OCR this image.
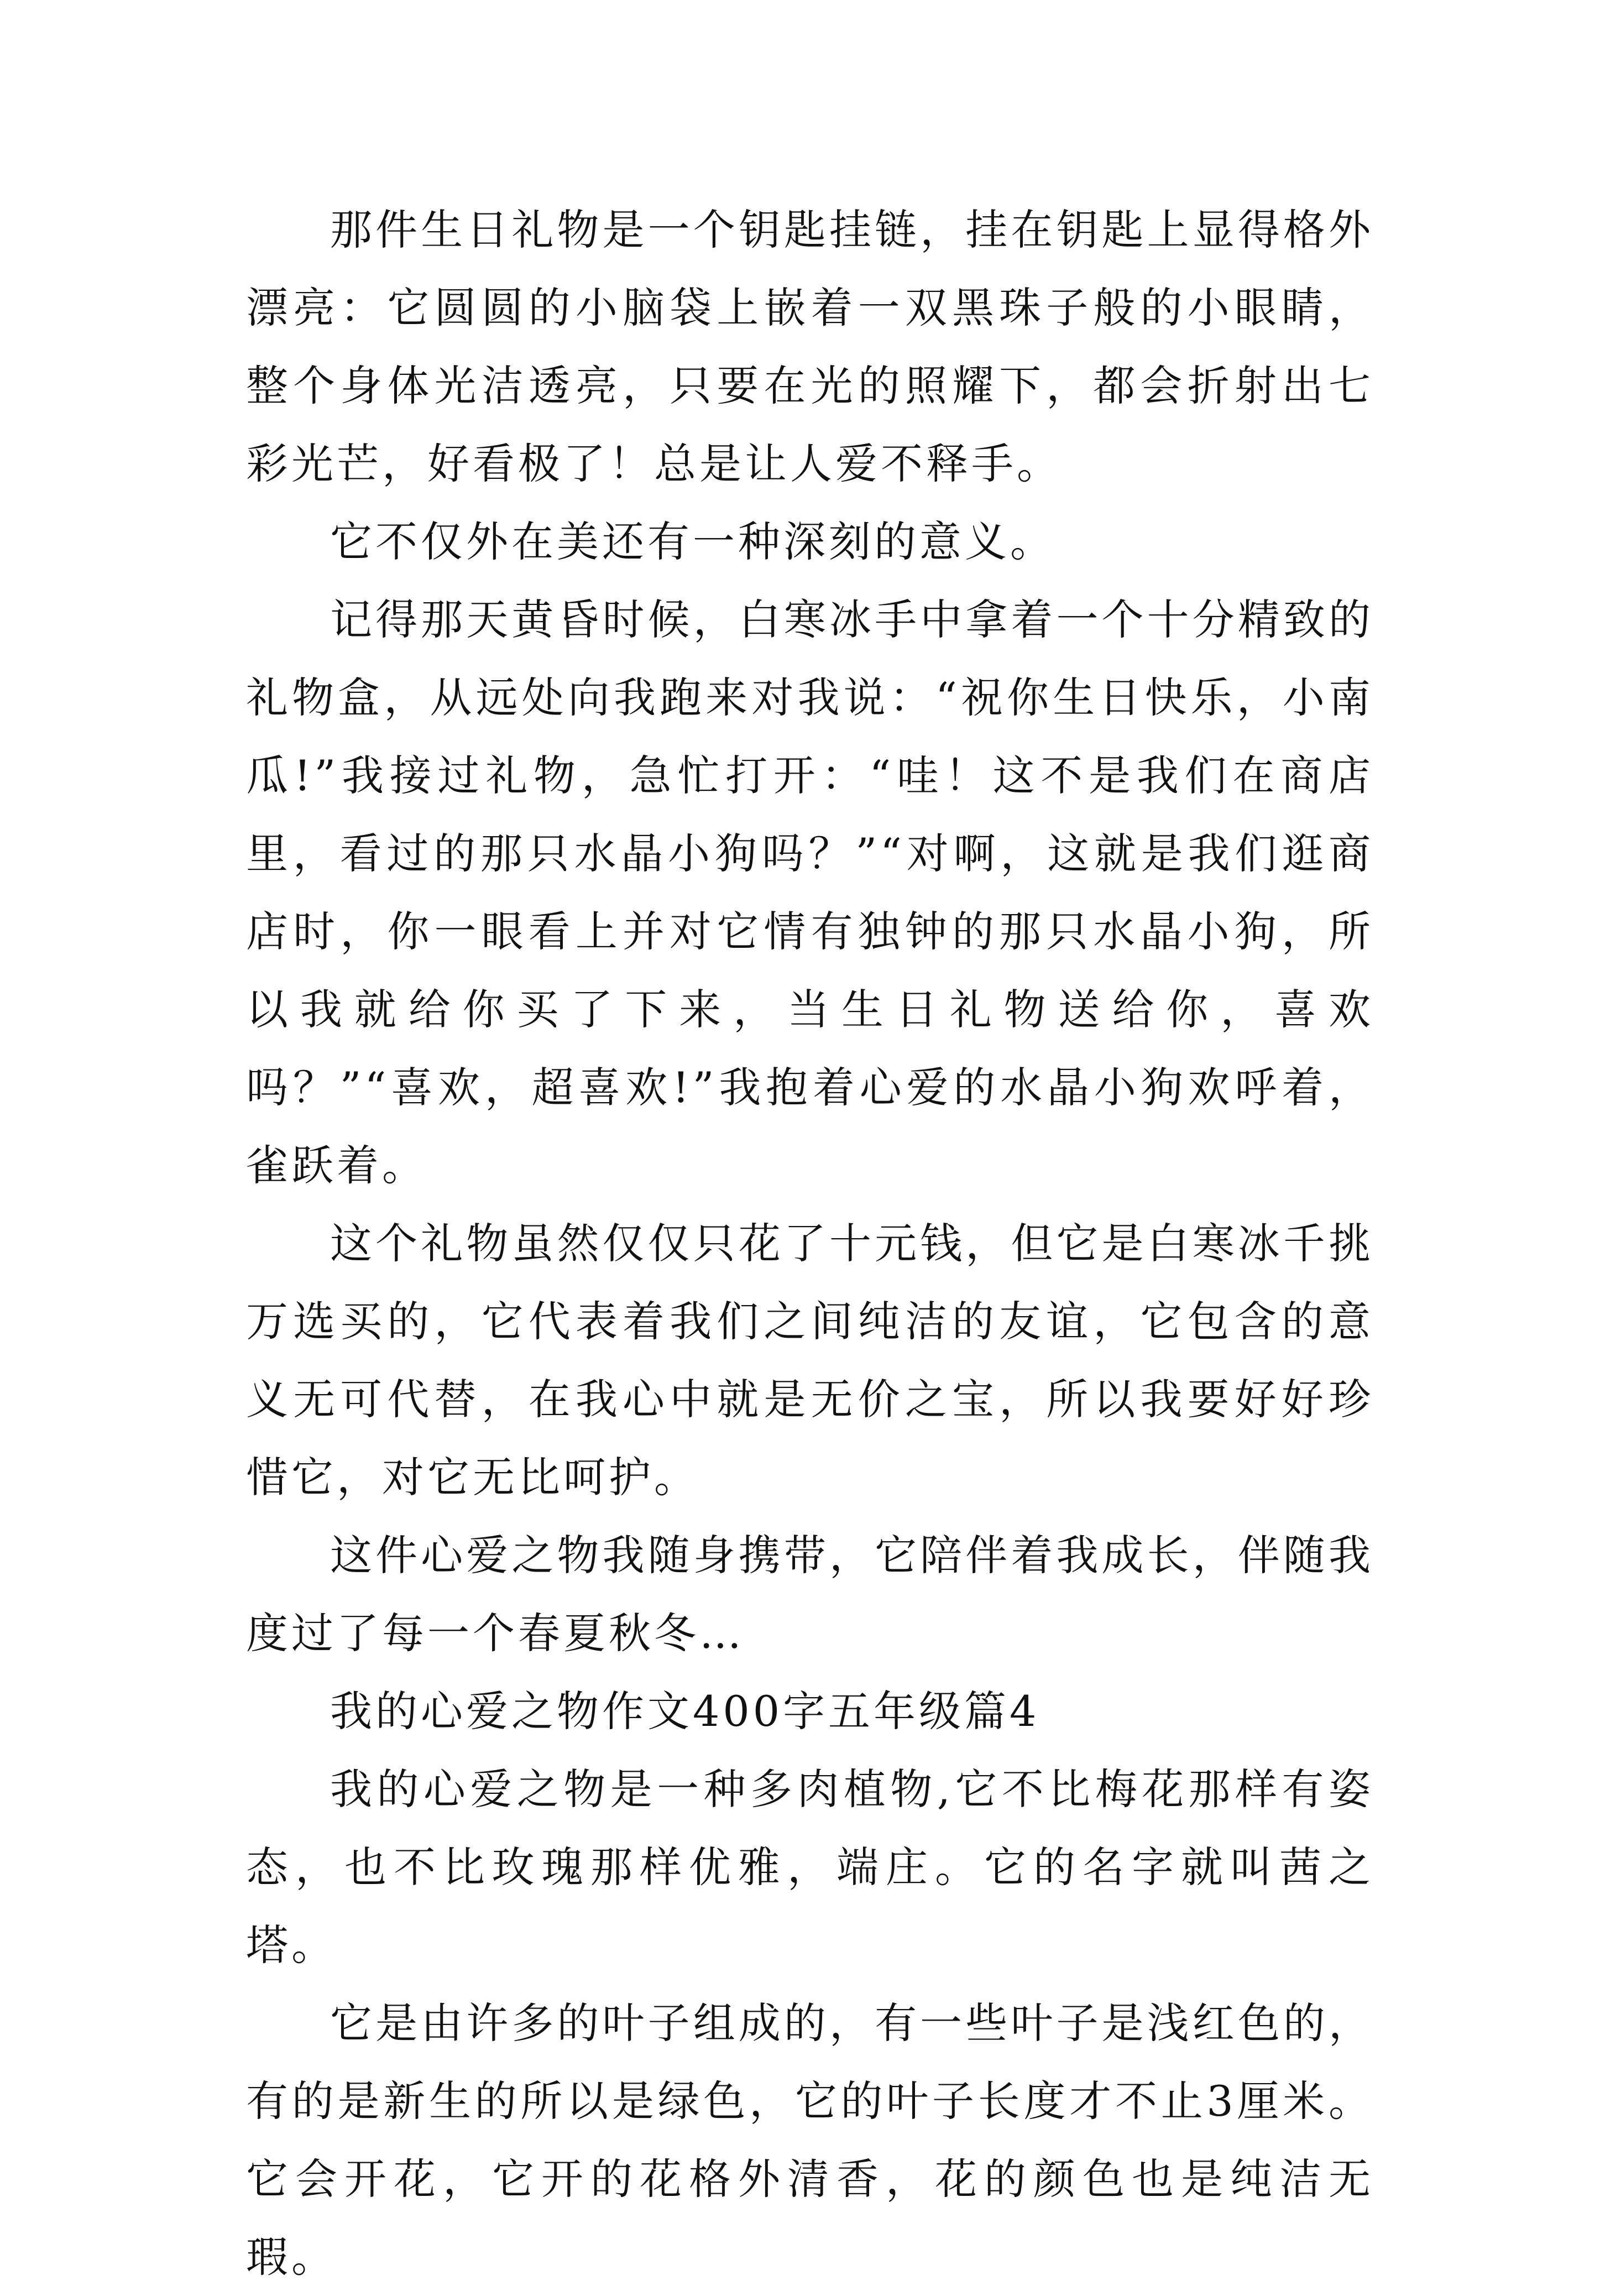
那件生日礼物是一个钥匙挂链，挂在钥匙上显得格外漂亮：它圆圆的小脑袋上嵌着一双黑珠子般的小眼睛，整个身体光洁透亮，只要在光的照耀下，都会折射出七彩光芒，好看极了！总是让人爱不释手。

它不仅外在美还有一种深刻的意义。

记得那天黄昏时候，白寒冰手中拿着一个十分精致的礼物盒，从远处向我跑来对我说：“祝你生日快乐，小南瓜!”我接过礼物，急忙打开：“哇！这不是我们在商店里，看过的那只水晶小狗吗？”“对啊，这就是我们逛商店时，你一眼看上并对它情有独钟的那只水晶小狗，所以我就给你买了下来，当生日礼物送给你，喜欢吗？”“喜欢，超喜欢!”我抱着心爱的水晶小狗欢呼着，雀跃着。

这个礼物虽然仅仅只花了十元钱，但它是白寒冰千挑万选买的，它代表着我们之间纯洁的友谊，它包含的意义无可代替，在我心中就是无价之宝，所以我要好好珍惜它，对它无比呵护。

这件心爱之物我随身携带，它陪伴着我成长，伴随我度过了每一个春夏秋冬…

我的心爱之物作文400字五年级篇4

我的心爱之物是一种多肉植物,它不比梅花那样有姿态，也不比玫瑰那样优雅，端庄。它的名字就叫茜之塔。

它是由许多的叶子组成的，有一些叶子是浅红色的，有的是新生的所以是绿色，它的叶子长度才不止3厘米。它会开花，它开的花格外清香，花的颜色也是纯洁无瑕。
